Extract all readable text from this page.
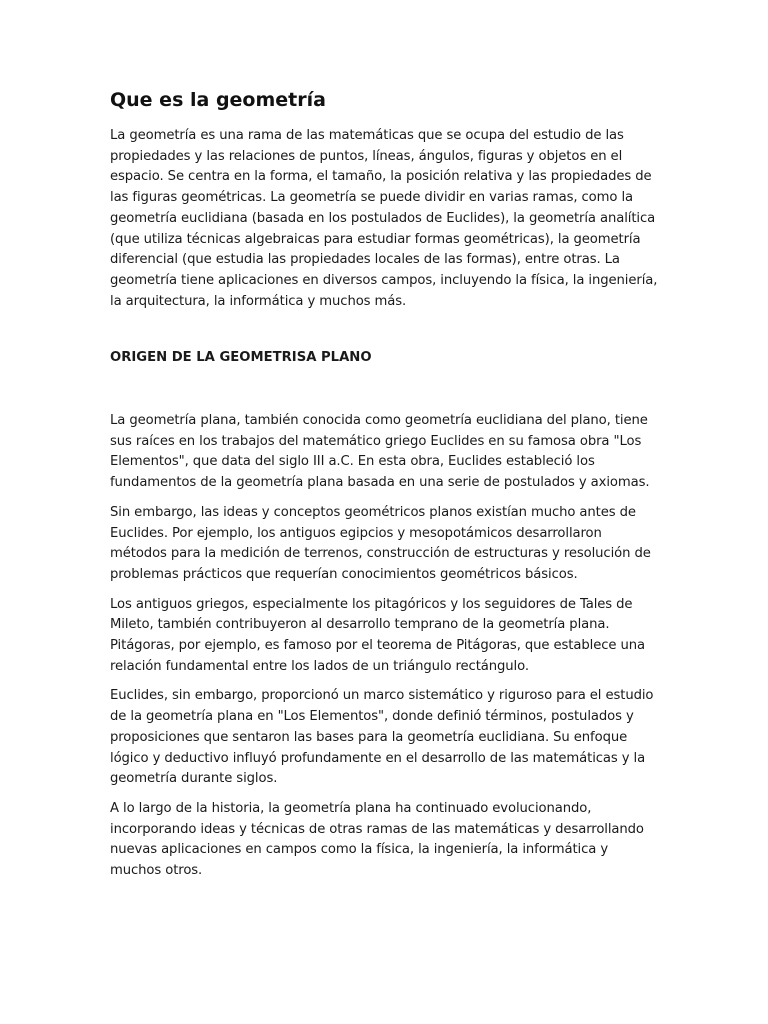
Que es la geometría

La geometría es una rama de las matemáticas que se ocupa del estudio de las propiedades y las relaciones de puntos, líneas, ángulos, figuras y objetos en el espacio. Se centra en la forma, el tamaño, la posición relativa y las propiedades de las figuras geométricas. La geometría se puede dividir en varias ramas, como la geometría euclidiana (basada en los postulados de Euclides), la geometría analítica (que utiliza técnicas algebraicas para estudiar formas geométricas), la geometría diferencial (que estudia las propiedades locales de las formas), entre otras. La geometría tiene aplicaciones en diversos campos, incluyendo la física, la ingeniería, la arquitectura, la informática y muchos más.

ORIGEN DE LA GEOMETRISA PLANO

La geometría plana, también conocida como geometría euclidiana del plano, tiene sus raíces en los trabajos del matemático griego Euclides en su famosa obra "Los Elementos", que data del siglo III a.C. En esta obra, Euclides estableció los fundamentos de la geometría plana basada en una serie de postulados y axiomas.

Sin embargo, las ideas y conceptos geométricos planos existían mucho antes de Euclides. Por ejemplo, los antiguos egipcios y mesopotámicos desarrollaron métodos para la medición de terrenos, construcción de estructuras y resolución de problemas prácticos que requerían conocimientos geométricos básicos.

Los antiguos griegos, especialmente los pitagóricos y los seguidores de Tales de Mileto, también contribuyeron al desarrollo temprano de la geometría plana. Pitágoras, por ejemplo, es famoso por el teorema de Pitágoras, que establece una relación fundamental entre los lados de un triángulo rectángulo.

Euclides, sin embargo, proporcionó un marco sistemático y riguroso para el estudio de la geometría plana en "Los Elementos", donde definió términos, postulados y proposiciones que sentaron las bases para la geometría euclidiana. Su enfoque lógico y deductivo influyó profundamente en el desarrollo de las matemáticas y la geometría durante siglos.

A lo largo de la historia, la geometría plana ha continuado evolucionando, incorporando ideas y técnicas de otras ramas de las matemáticas y desarrollando nuevas aplicaciones en campos como la física, la ingeniería, la informática y muchos otros.
